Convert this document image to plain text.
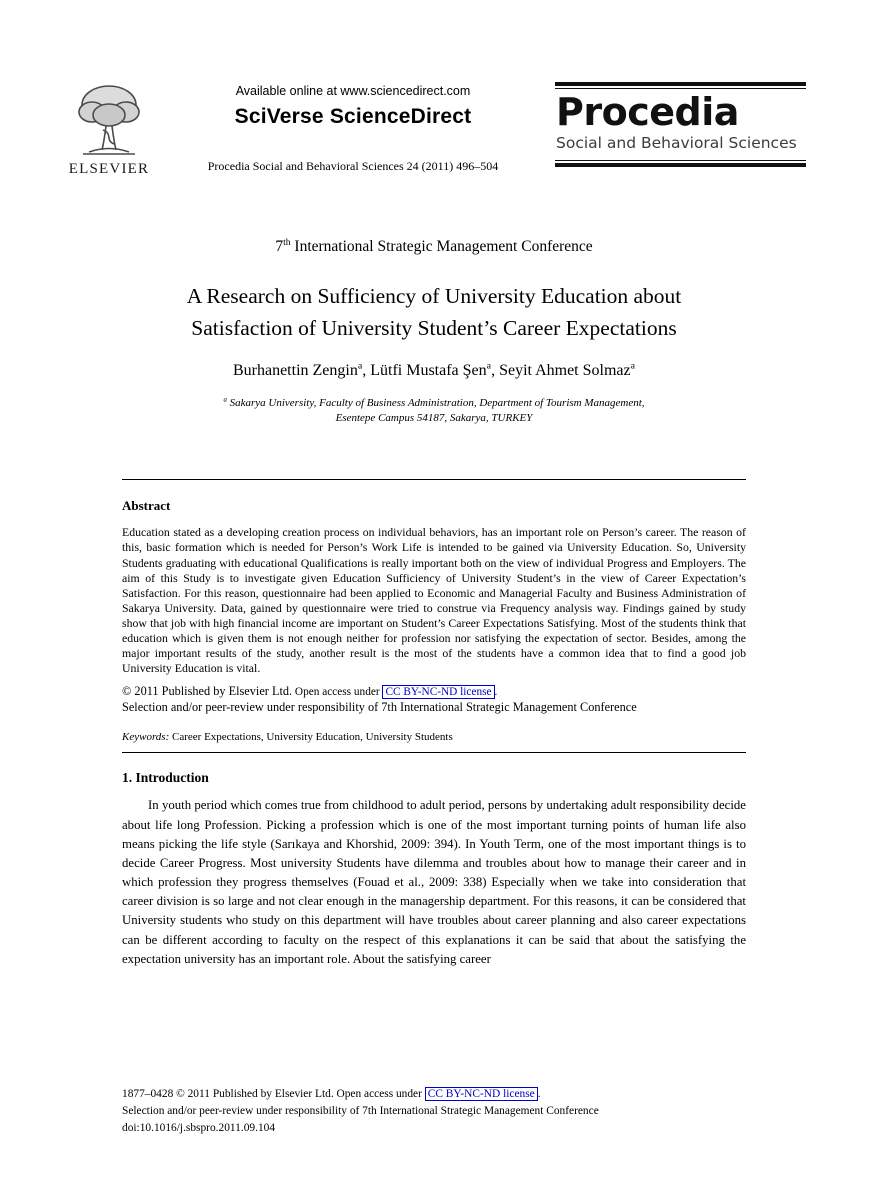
ELSEVIER
Available online at www.sciencedirect.com
SciVerse ScienceDirect
Procedia Social and Behavioral Sciences 24 (2011) 496–504
Procedia
Social and Behavioral Sciences

7th International Strategic Management Conference

A Research on Sufficiency of University Education about
Satisfaction of University Student’s Career Expectations

Burhanettin Zengin$^a$, Lütfi Mustafa Şen$^a$, Seyit Ahmet Solmaz$^a$

$^a$ Sakarya University, Faculty of Business Administration, Department of Tourism Management,
Esentepe Campus 54187, Sakarya, TURKEY

Abstract

Education stated as a developing creation process on individual behaviors, has an important role on Person’s career. The reason of this, basic formation which is needed for Person’s Work Life is intended to be gained via University Education. So, University Students graduating with educational Qualifications is really important both on the view of individual Progress and Employers. The aim of this Study is to investigate given Education Sufficiency of University Student’s in the view of Career Expectation’s Satisfaction. For this reason, questionnaire had been applied to Economic and Managerial Faculty and Business Administration of Sakarya University. Data, gained by questionnaire were tried to construe via Frequency analysis way. Findings gained by study show that job with high financial income are important on Student’s Career Expectations Satisfying. Most of the students think that education which is given them is not enough neither for profession nor satisfying the expectation of sector. Besides, among the major important results of the study, another result is the most of the students have a common idea that to find a good job University Education is vital.

© 2011 Published by Elsevier Ltd. Open access under CC BY-NC-ND license .

Selection and/or peer-review under responsibility of 7th International Strategic Management Conference

Keywords: Career Expectations, University Education, University Students

1. Introduction

In youth period which comes true from childhood to adult period, persons by undertaking adult responsibility decide about life long Profession. Picking a profession which is one of the most important turning points of human life also means picking the life style (Sarıkaya and Khorshid, 2009: 394). In Youth Term, one of the most important things is to decide Career Progress. Most university Students have dilemma and troubles about how to manage their career and in which profession they progress themselves (Fouad et al., 2009: 338) Especially when we take into consideration that career division is so large and not clear enough in the managership department. For this reasons, it can be considered that University students who study on this department will have troubles about career planning and also career expectations can be different according to faculty on the respect of this explanations it can be said that about the satisfying the expectation university has an important role. About the satisfying career

1877–0428 © 2011 Published by Elsevier Ltd. Open access under CC BY-NC-ND license .

Selection and/or peer-review under responsibility of 7th International Strategic Management Conference

doi:10.1016/j.sbspro.2011.09.104
